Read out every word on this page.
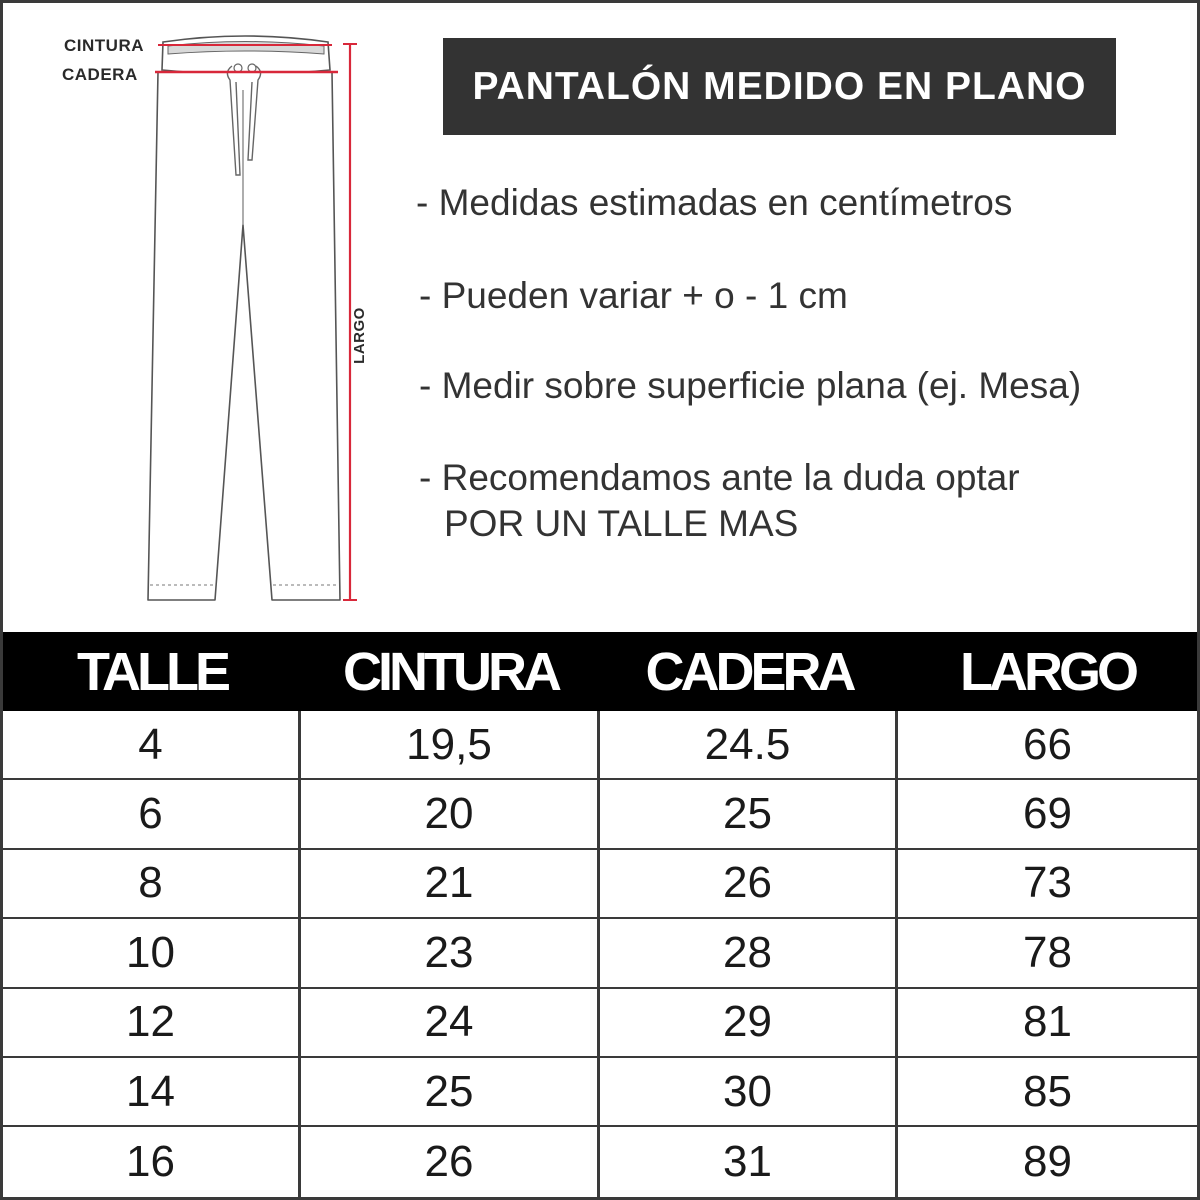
CINTURA
CADERA
LARGO
PANTALÓN MEDIDO EN PLANO
- Medidas estimadas en centímetros
- Pueden variar + o - 1 cm
- Medir sobre superficie plana (ej. Mesa)
- Recomendamos ante la duda optar
POR UN TALLE MAS
TALLE	CINTURA	CADERA	LARGO
4	19,5	24.5	66
6	20	25	69
8	21	26	73
10	23	28	78
12	24	29	81
14	25	30	85
16	26	31	89
